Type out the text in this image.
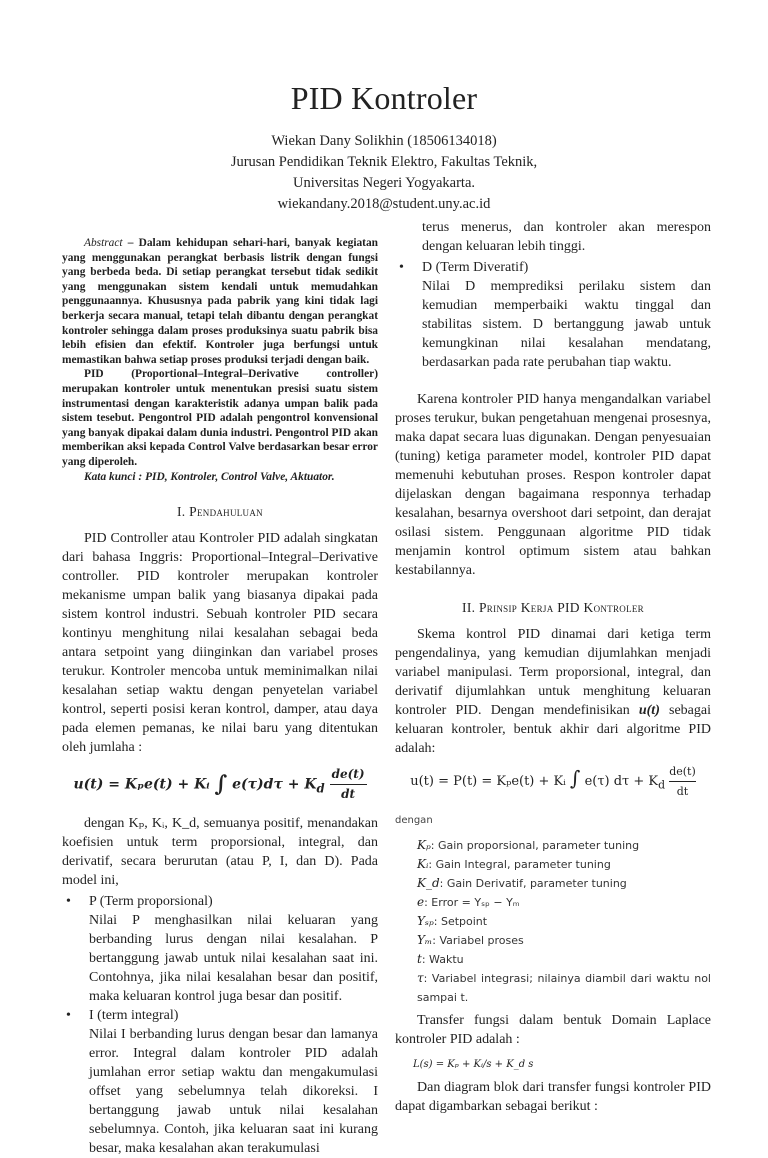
PID Kontroler
Wiekan Dany Solikhin (18506134018)
Jurusan Pendidikan Teknik Elektro, Fakultas Teknik,
Universitas Negeri Yogyakarta.
wiekandany.2018@student.uny.ac.id

Abstract – Dalam kehidupan sehari-hari, banyak kegiatan yang menggunakan perangkat berbasis listrik dengan fungsi yang berbeda beda. Di setiap perangkat tersebut tidak sedikit yang menggunakan sistem kendali untuk memudahkan penggunaannya. Khususnya pada pabrik yang kini tidak lagi berkerja secara manual, tetapi telah dibantu dengan perangkat kontroler sehingga dalam proses produksinya suatu pabrik bisa lebih efisien dan efektif. Kontroler juga berfungsi untuk memastikan bahwa setiap proses produksi terjadi dengan baik.

PID (Proportional–Integral–Derivative controller) merupakan kontroler untuk menentukan presisi suatu sistem instrumentasi dengan karakteristik adanya umpan balik pada sistem tesebut. Pengontrol PID adalah pengontrol konvensional yang banyak dipakai dalam dunia industri. Pengontrol PID akan memberikan aksi kepada Control Valve berdasarkan besar error yang diperoleh.

Kata kunci : PID, Kontroler, Control Valve, Aktuator.

I. Pendahuluan

PID Controller atau Kontroler PID adalah singkatan dari bahasa Inggris: Proportional–Integral–Derivative controller. PID kontroler merupakan kontroler mekanisme umpan balik yang biasanya dipakai pada sistem kontrol industri. Sebuah kontroler PID secara kontinyu menghitung nilai kesalahan sebagai beda antara setpoint yang diinginkan dan variabel proses terukur. Kontroler mencoba untuk meminimalkan nilai kesalahan setiap waktu dengan penyetelan variabel kontrol, seperti posisi keran kontrol, damper, atau daya pada elemen pemanas, ke nilai baru yang ditentukan oleh jumlaha :

u(t) = Kₚe(t) + Kᵢ ∫ $e(\tau)d\tau + K_d \frac{de(t)}{dt}$

dengan Kₚ, Kᵢ, K_d, semuanya positif, menandakan koefisien untuk term proporsional, integral, dan derivatif, secara berurutan (atau P, I, dan D). Pada model ini,

• P (Term proporsional)
Nilai P menghasilkan nilai keluaran yang berbanding lurus dengan nilai kesalahan. P bertanggung jawab untuk nilai kesalahan saat ini. Contohnya, jika nilai kesalahan besar dan positif, maka keluaran kontrol juga besar dan positif.
• I (term integral)
Nilai I berbanding lurus dengan besar dan lamanya error. Integral dalam kontroler PID adalah jumlahan error setiap waktu dan mengakumulasi offset yang sebelumnya telah dikoreksi. I bertanggung jawab untuk nilai kesalahan sebelumnya. Contoh, jika keluaran saat ini kurang besar, maka kesalahan akan terakumulasi

terus menerus, dan kontroler akan merespon dengan keluaran lebih tinggi.

• D (Term Diveratif)
Nilai D memprediksi perilaku sistem dan kemudian memperbaiki waktu tinggal dan stabilitas sistem. D bertanggung jawab untuk kemungkinan nilai kesalahan mendatang, berdasarkan pada rate perubahan tiap waktu.

Karena kontroler PID hanya mengandalkan variabel proses terukur, bukan pengetahuan mengenai prosesnya, maka dapat secara luas digunakan. Dengan penyesuaian (tuning) ketiga parameter model, kontroler PID dapat memenuhi kebutuhan proses. Respon kontroler dapat dijelaskan dengan bagaimana responnya terhadap kesalahan, besarnya overshoot dari setpoint, dan derajat osilasi sistem. Penggunaan algoritme PID tidak menjamin kontrol optimum sistem atau bahkan kestabilannya.

II. Prinsip Kerja PID Kontroler

Skema kontrol PID dinamai dari ketiga term pengendalinya, yang kemudian dijumlahkan menjadi variabel manipulasi. Term proporsional, integral, dan derivatif dijumlahkan untuk menghitung keluaran kontroler PID. Dengan mendefinisikan u(t) sebagai keluaran kontroler, bentuk akhir dari algoritme PID adalah:

u(t) = P(t) = Kₚe(t) + Kᵢ ∫ e(τ) $d\tau + K_d \frac{de(t)}{dt}$
dengan
Kₚ: Gain proporsional, parameter tuning
Kᵢ: Gain Integral, parameter tuning
K_d: Gain Derivatif, parameter tuning
e: Error = Yₛₚ − Yₘ
Yₛₚ: Setpoint
Yₘ: Variabel proses
t: Waktu
τ: Variabel integrasi; nilainya diambil dari waktu nol sampai t.

Transfer fungsi dalam bentuk Domain Laplace kontroler PID adalah :

L(s) = Kₚ + Kᵢ/s + K_d s

Dan diagram blok dari transfer fungsi kontroler PID dapat digambarkan sebagai berikut :
